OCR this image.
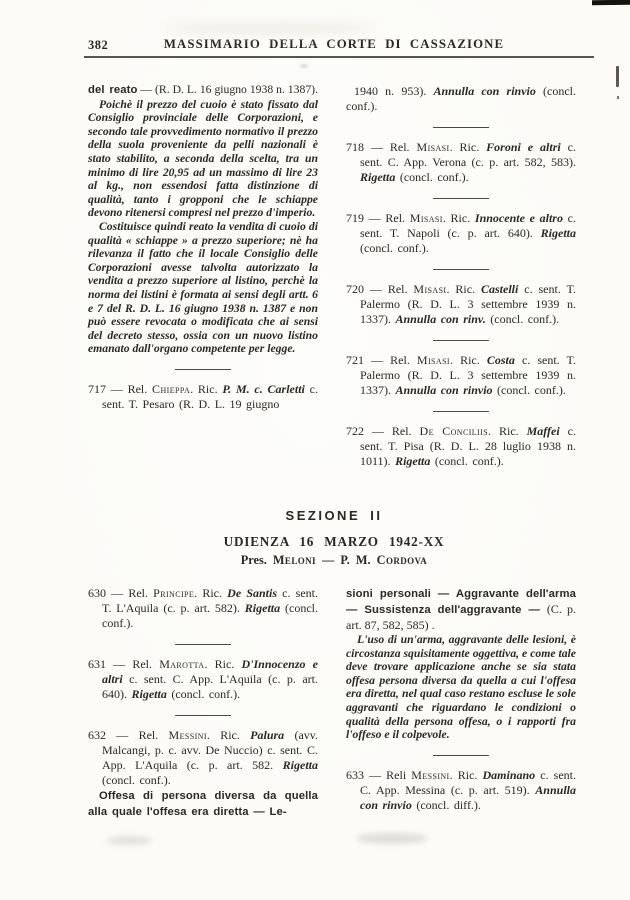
382	MASSIMARIO DELLA CORTE DI CASSAZIONE
del reato — (R. D. L. 16 giugno 1938 n. 1387).
Poichè il prezzo del cuoio è stato fissato dal Consiglio provinciale delle Corporazioni, e secondo tale provvedimento normativo il prezzo della suola proveniente da pelli nazionali è stato stabilito, a seconda della scelta, tra un minimo di lire 20,95 ad un massimo di lire 23 al kg., non essendosi fatta distinzione di qualità, tanto i gropponi che le schiappe devono ritenersi compresi nel prezzo d'imperio.
Costituisce quindi reato la vendita di cuoio di qualità « schiappe » a prezzo superiore; nè ha rilevanza il fatto che il locale Consiglio delle Corporazioni avesse talvolta autorizzato la vendita a prezzo superiore al listino, perchè la norma dei listini è formata ai sensi degli artt. 6 e 7 del R. D. L. 16 giugno 1938 n. 1387 e non può essere revocata o modificata che ai sensi del decreto stesso, ossia con un nuovo listino emanato dall'organo competente per legge.
717 — Rel. Chieppa. Ric. P. M. c. Carletti c. sent. T. Pesaro (R. D. L. 19 giugno
1940 n. 953). Annulla con rinvio (concl. conf.).
718 — Rel. Misasi. Ric. Foroni e altri c. sent. C. App. Verona (c. p. art. 582, 583). Rigetta (concl. conf.).
719 — Rel. Misasi. Ric. Innocente e altro c. sent. T. Napoli (c. p. art. 640). Rigetta (concl. conf.).
720 — Rel. Misasi. Ric. Castelli c. sent. T. Palermo (R. D. L. 3 settembre 1939 n. 1337). Annulla con rinv. (concl. conf.).
721 — Rel. Misasi. Ric. Costa c. sent. T. Palermo (R. D. L. 3 settembre 1939 n. 1337). Annulla con rinvio (concl. conf.).
722 — Rel. De Conciliis. Ric. Maffei c. sent. T. Pisa (R. D. L. 28 luglio 1938 n. 1011). Rigetta (concl. conf.).
SEZIONE II
UDIENZA 16 MARZO 1942-XX
Pres. Meloni — P. M. Cordova
630 — Rel. Principe. Ric. De Santis c. sent. T. L'Aquila (c. p. art. 582). Rigetta (concl. conf.).
631 — Rel. Marotta. Ric. D'Innocenzo e altri c. sent. C. App. L'Aquila (c. p. art. 640). Rigetta (concl. conf.).
632 — Rel. Messini. Ric. Palura (avv. Malcangi, p. c. avv. De Nuccio) c. sent. C. App. L'Aquila (c. p. art. 582. Rigetta (concl. conf.).
Offesa di persona diversa da quella alla quale l'offesa era diretta — Le-
sioni personali — Aggravante dell'arma — Sussistenza dell'aggravante — (C. p. art. 87, 582, 585) .
L'uso di un'arma, aggravante delle lesioni, è circostanza squisitamente oggettiva, e come tale deve trovare applicazione anche se sia stata offesa persona diversa da quella a cui l'offesa era diretta, nel qual caso restano escluse le sole aggravanti che riguardano le condizioni o qualità della persona offesa, o i rapporti fra l'offeso e il colpevole.
633 — Reli Messini. Ric. Daminano c. sent. C. App. Messina (c. p. art. 519). Annulla con rinvio (concl. diff.).
